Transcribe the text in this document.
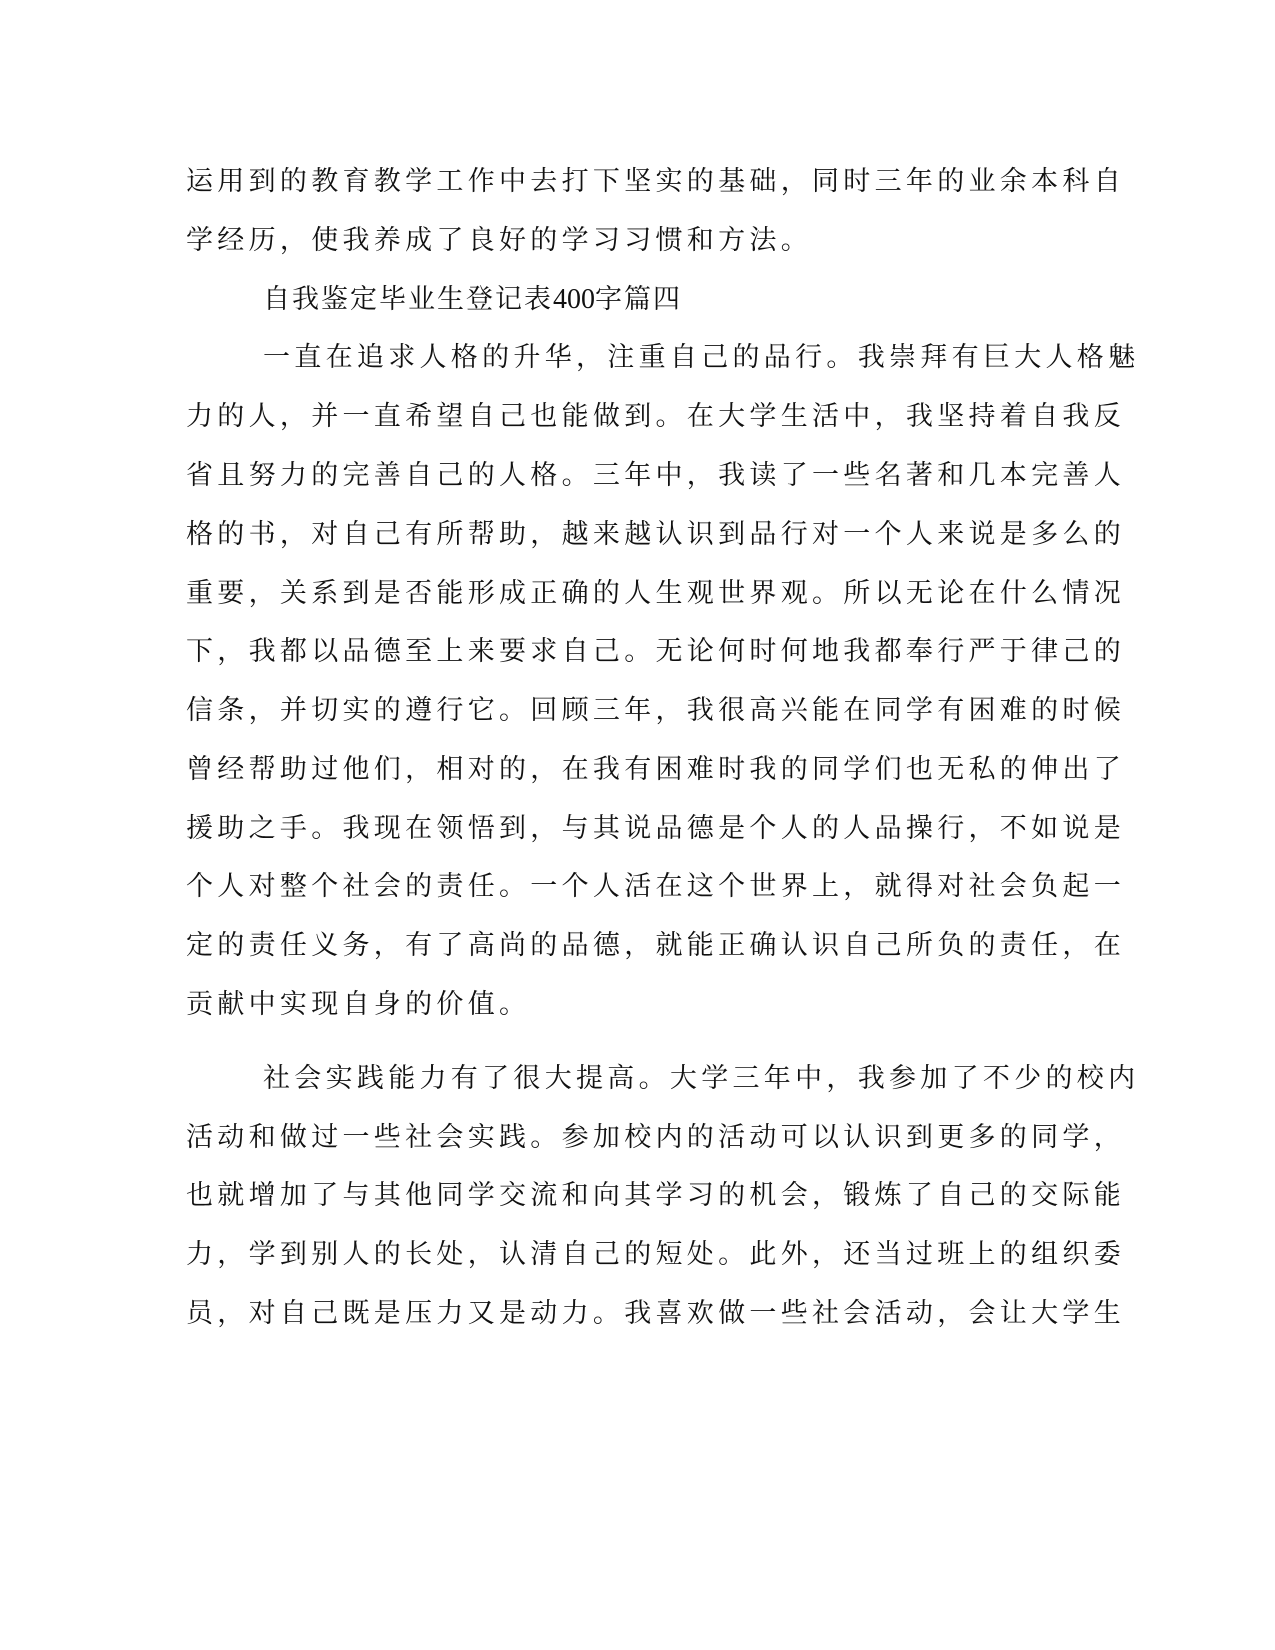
运用到的教育教学工作中去打下坚实的基础，同时三年的业余本科自
学经历，使我养成了良好的学习习惯和方法。
自我鉴定毕业生登记表400字篇四
一直在追求人格的升华，注重自己的品行。我崇拜有巨大人格魅
力的人，并一直希望自己也能做到。在大学生活中，我坚持着自我反
省且努力的完善自己的人格。三年中，我读了一些名著和几本完善人
格的书，对自己有所帮助，越来越认识到品行对一个人来说是多么的
重要，关系到是否能形成正确的人生观世界观。所以无论在什么情况
下，我都以品德至上来要求自己。无论何时何地我都奉行严于律己的
信条，并切实的遵行它。回顾三年，我很高兴能在同学有困难的时候
曾经帮助过他们，相对的，在我有困难时我的同学们也无私的伸出了
援助之手。我现在领悟到，与其说品德是个人的人品操行，不如说是
个人对整个社会的责任。一个人活在这个世界上，就得对社会负起一
定的责任义务，有了高尚的品德，就能正确认识自己所负的责任，在
贡献中实现自身的价值。
社会实践能力有了很大提高。大学三年中，我参加了不少的校内
活动和做过一些社会实践。参加校内的活动可以认识到更多的同学，
也就增加了与其他同学交流和向其学习的机会，锻炼了自己的交际能
力，学到别人的长处，认清自己的短处。此外，还当过班上的组织委
员，对自己既是压力又是动力。我喜欢做一些社会活动，会让大学生
